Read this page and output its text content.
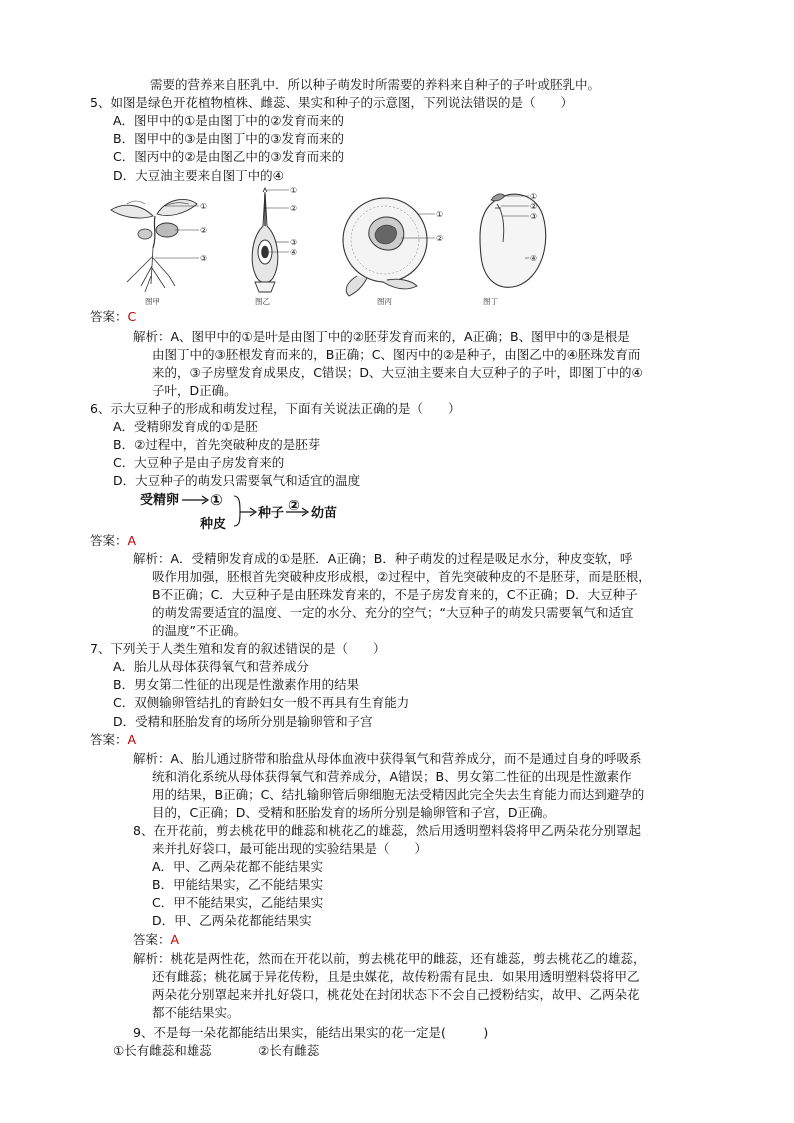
需要的营养来自胚乳中．所以种子萌发时所需要的养料来自种子的子叶或胚乳中。
5、如图是绿色开花植物植株、雌蕊、果实和种子的示意图，下列说法错误的是（　　）
A．图甲中的①是由图丁中的②发育而来的
B．图甲中的③是由图丁中的③发育而来的
C．图丙中的②是由图乙中的③发育而来的
D．大豆油主要来自图丁中的④
①
②
③
图甲
①
②
③
④
图乙
①
②
图丙
①
②
③
④
图丁
答案：C
解析：A、图甲中的①是叶是由图丁中的②胚芽发育而来的，A正确；B、图甲中的③是根是
由图丁中的③胚根发育而来的，B正确；C、图丙中的②是种子，由图乙中的④胚珠发育而
来的，③子房壁发育成果皮，C错误；D、大豆油主要来自大豆种子的子叶，即图丁中的④
子叶，D正确。
6、示大豆种子的形成和萌发过程，下面有关说法正确的是（　　）
A．受精卵发育成的①是胚
B．②过程中，首先突破种皮的是胚芽
C．大豆种子是由子房发育来的
D．大豆种子的萌发只需要氧气和适宜的温度
受精卵 ①
种皮
种子 ② 幼苗
答案：A
解析：A．受精卵发育成的①是胚．A正确；B．种子萌发的过程是吸足水分，种皮变软，呼
吸作用加强，胚根首先突破种皮形成根，②过程中，首先突破种皮的不是胚芽，而是胚根，
B不正确；C．大豆种子是由胚珠发育来的，不是子房发育来的，C不正确；D．大豆种子
的萌发需要适宜的温度、一定的水分、充分的空气；“大豆种子的萌发只需要氧气和适宜
的温度”不正确。
7、下列关于人类生殖和发育的叙述错误的是（　　）
A．胎儿从母体获得氧气和营养成分
B．男女第二性征的出现是性激素作用的结果
C．双侧输卵管结扎的育龄妇女一般不再具有生育能力
D．受精和胚胎发育的场所分别是输卵管和子宫
答案：A
解析：A、胎儿通过脐带和胎盘从母体血液中获得氧气和营养成分，而不是通过自身的呼吸系
统和消化系统从母体获得氧气和营养成分，A错误；B、男女第二性征的出现是性激素作
用的结果，B正确；C、结扎输卵管后卵细胞无法受精因此完全失去生育能力而达到避孕的
目的，C正确；D、受精和胚胎发育的场所分别是输卵管和子宫，D正确。
8、在开花前，剪去桃花甲的雌蕊和桃花乙的雄蕊，然后用透明塑料袋将甲乙两朵花分别罩起
来并扎好袋口，最可能出现的实验结果是（　　）
A．甲、乙两朵花都不能结果实
B．甲能结果实，乙不能结果实
C．甲不能结果实，乙能结果实
D．甲、乙两朵花都能结果实
答案：A
解析：桃花是两性花，然而在开花以前，剪去桃花甲的雌蕊，还有雄蕊，剪去桃花乙的雄蕊，
还有雌蕊；桃花属于异花传粉，且是虫媒花，故传粉需有昆虫．如果用透明塑料袋将甲乙
两朵花分别罩起来并扎好袋口，桃花处在封闭状态下不会自己授粉结实，故甲、乙两朵花
都不能结果实。
9、不是每一朵花都能结出果实，能结出果实的花一定是(　　　)
①长有雌蕊和雄蕊	②长有雌蕊
